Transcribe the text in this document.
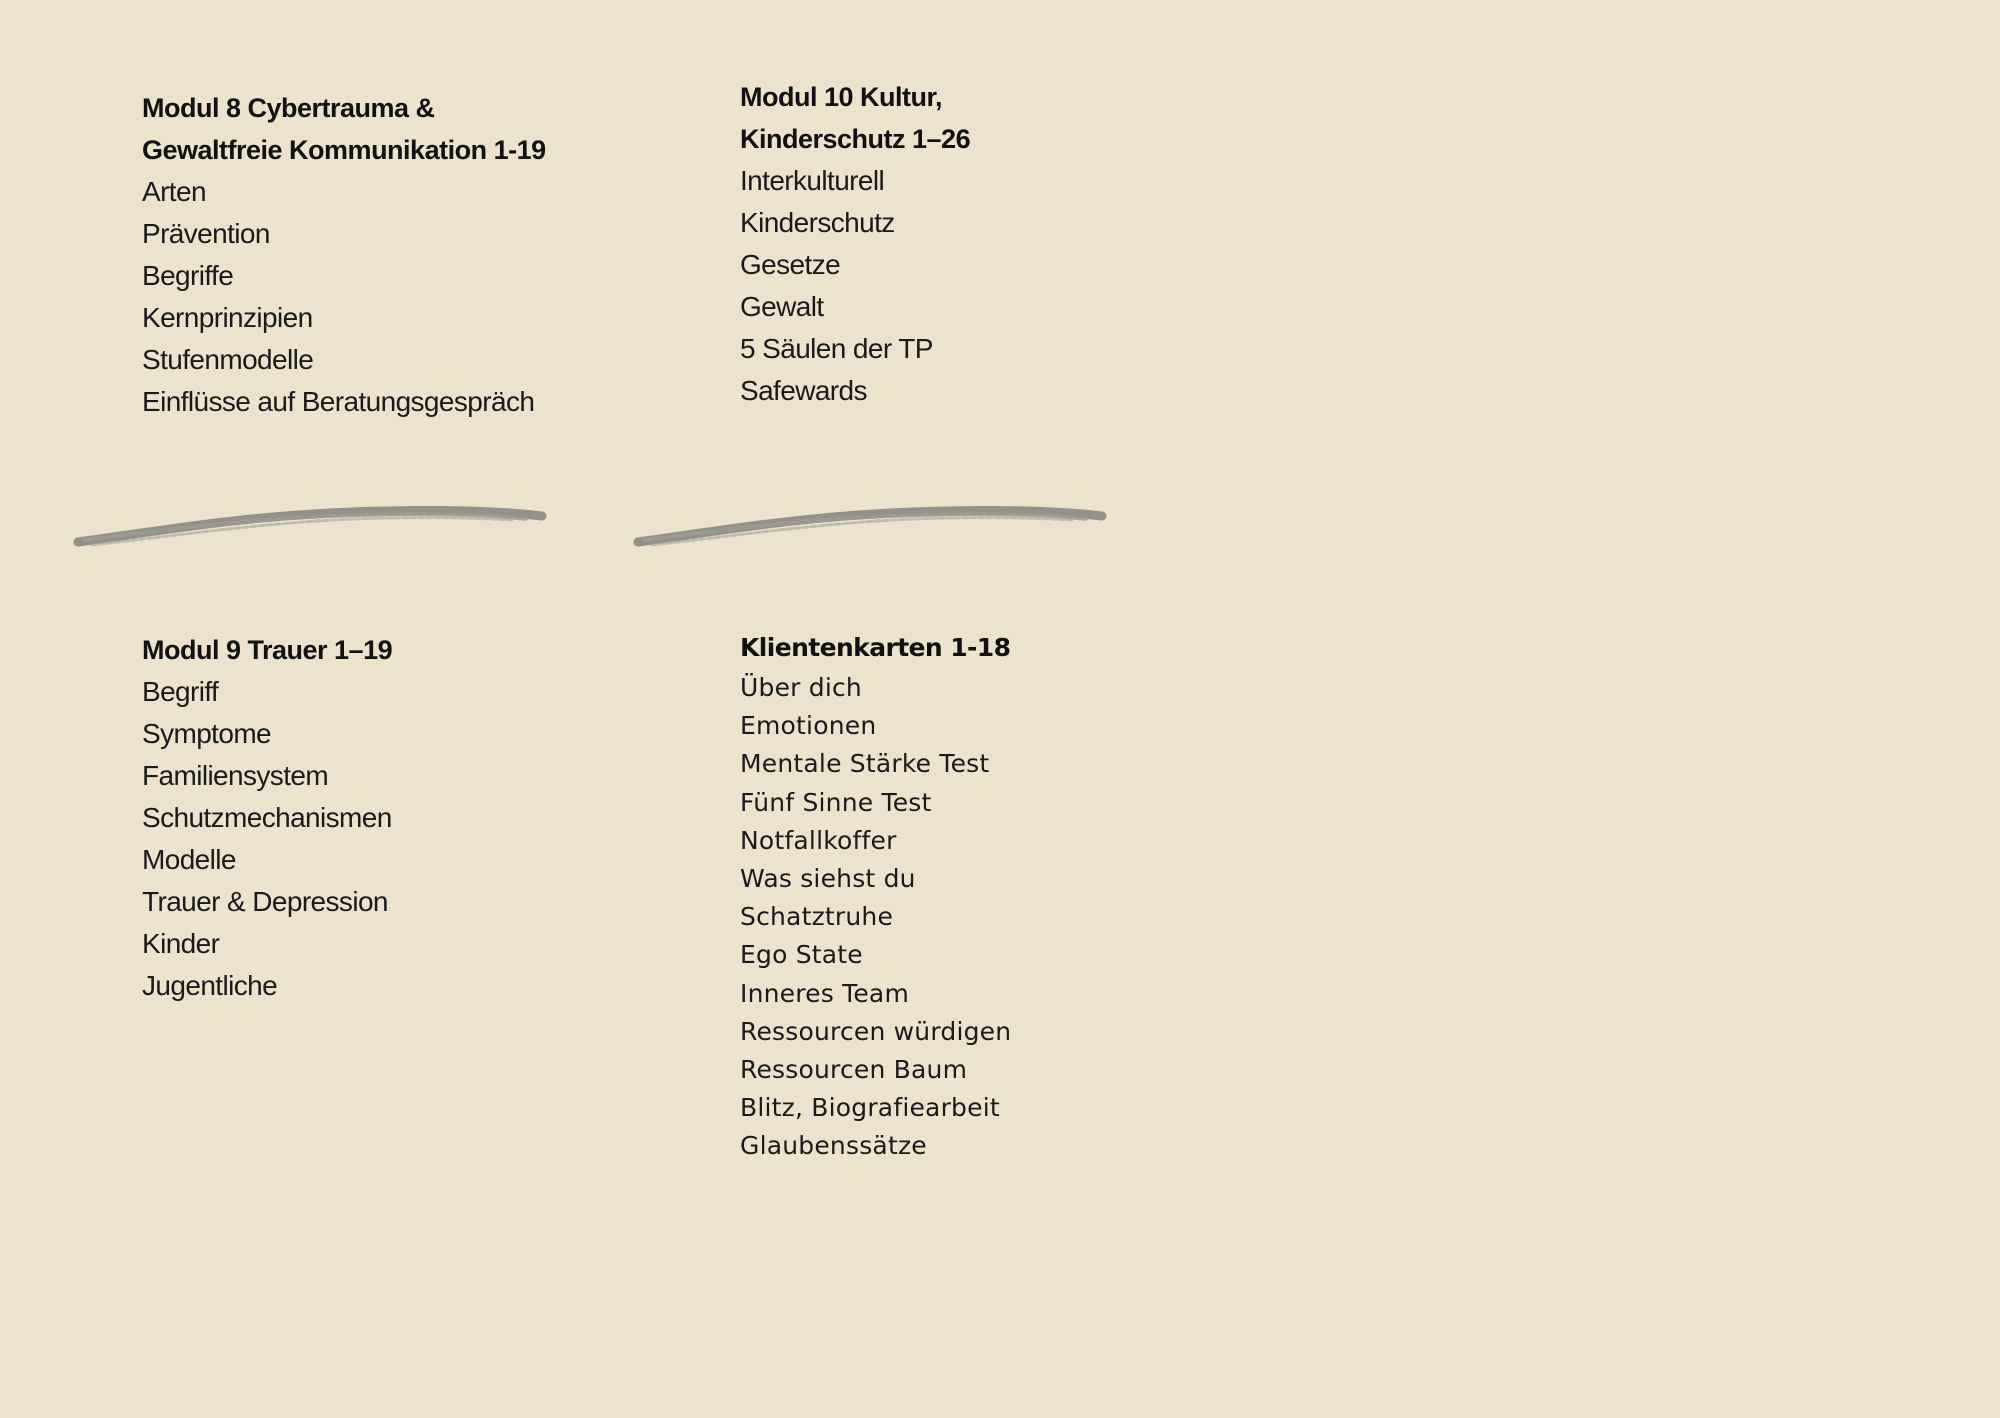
Modul 8 Cybertrauma &
Gewaltfreie Kommunikation 1-19
Arten
Prävention
Begriffe
Kernprinzipien
Stufenmodelle
Einflüsse auf Beratungsgespräch
Modul 10 Kultur,
Kinderschutz 1–26
Interkulturell
Kinderschutz
Gesetze
Gewalt
5 Säulen der TP
Safewards
Modul 9 Trauer 1–19
Begriff
Symptome
Familiensystem
Schutzmechanismen
Modelle
Trauer & Depression
Kinder
Jugentliche
Klientenkarten 1-18
Über dich
Emotionen
Mentale Stärke Test
Fünf Sinne Test
Notfallkoffer
Was siehst du
Schatztruhe
Ego State
Inneres Team
Ressourcen würdigen
Ressourcen Baum
Blitz, Biografiearbeit
Glaubenssätze
